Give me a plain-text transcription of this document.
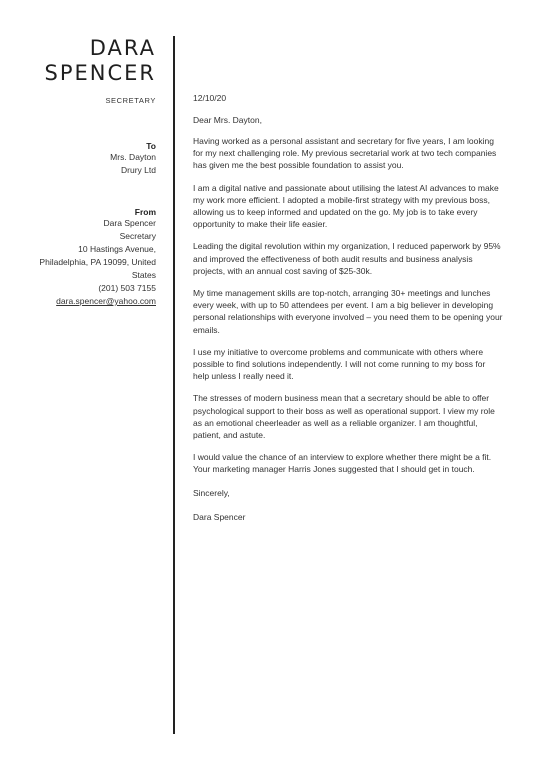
DARA
SPENCER
SECRETARY
To
Mrs. Dayton
Drury Ltd
From
Dara Spencer
Secretary
10 Hastings Avenue,
Philadelphia, PA 19099, United
States
(201) 503 7155
dara.spencer@yahoo.com
12/10/20
Dear Mrs. Dayton,
Having worked as a personal assistant and secretary for five years, I am looking for my next challenging role. My previous secretarial work at two tech companies has given me the best possible foundation to assist you.
I am a digital native and passionate about utilising the latest AI advances to make my work more efficient. I adopted a mobile-first strategy with my previous boss, allowing us to keep informed and updated on the go. My job is to take every opportunity to make their life easier.
Leading the digital revolution within my organization, I reduced paperwork by 95% and improved the effectiveness of both audit results and business analysis projects, with an annual cost saving of $25-30k.
My time management skills are top-notch, arranging 30+ meetings and lunches every week, with up to 50 attendees per event. I am a big believer in developing personal relationships with everyone involved – you need them to be opening your emails.
I use my initiative to overcome problems and communicate with others where possible to find solutions independently. I will not come running to my boss for help unless I really need it.
The stresses of modern business mean that a secretary should be able to offer psychological support to their boss as well as operational support. I view my role as an emotional cheerleader as well as a reliable organizer. I am thoughtful, patient, and astute.
I would value the chance of an interview to explore whether there might be a fit. Your marketing manager Harris Jones suggested that I should get in touch.
Sincerely,
Dara Spencer
